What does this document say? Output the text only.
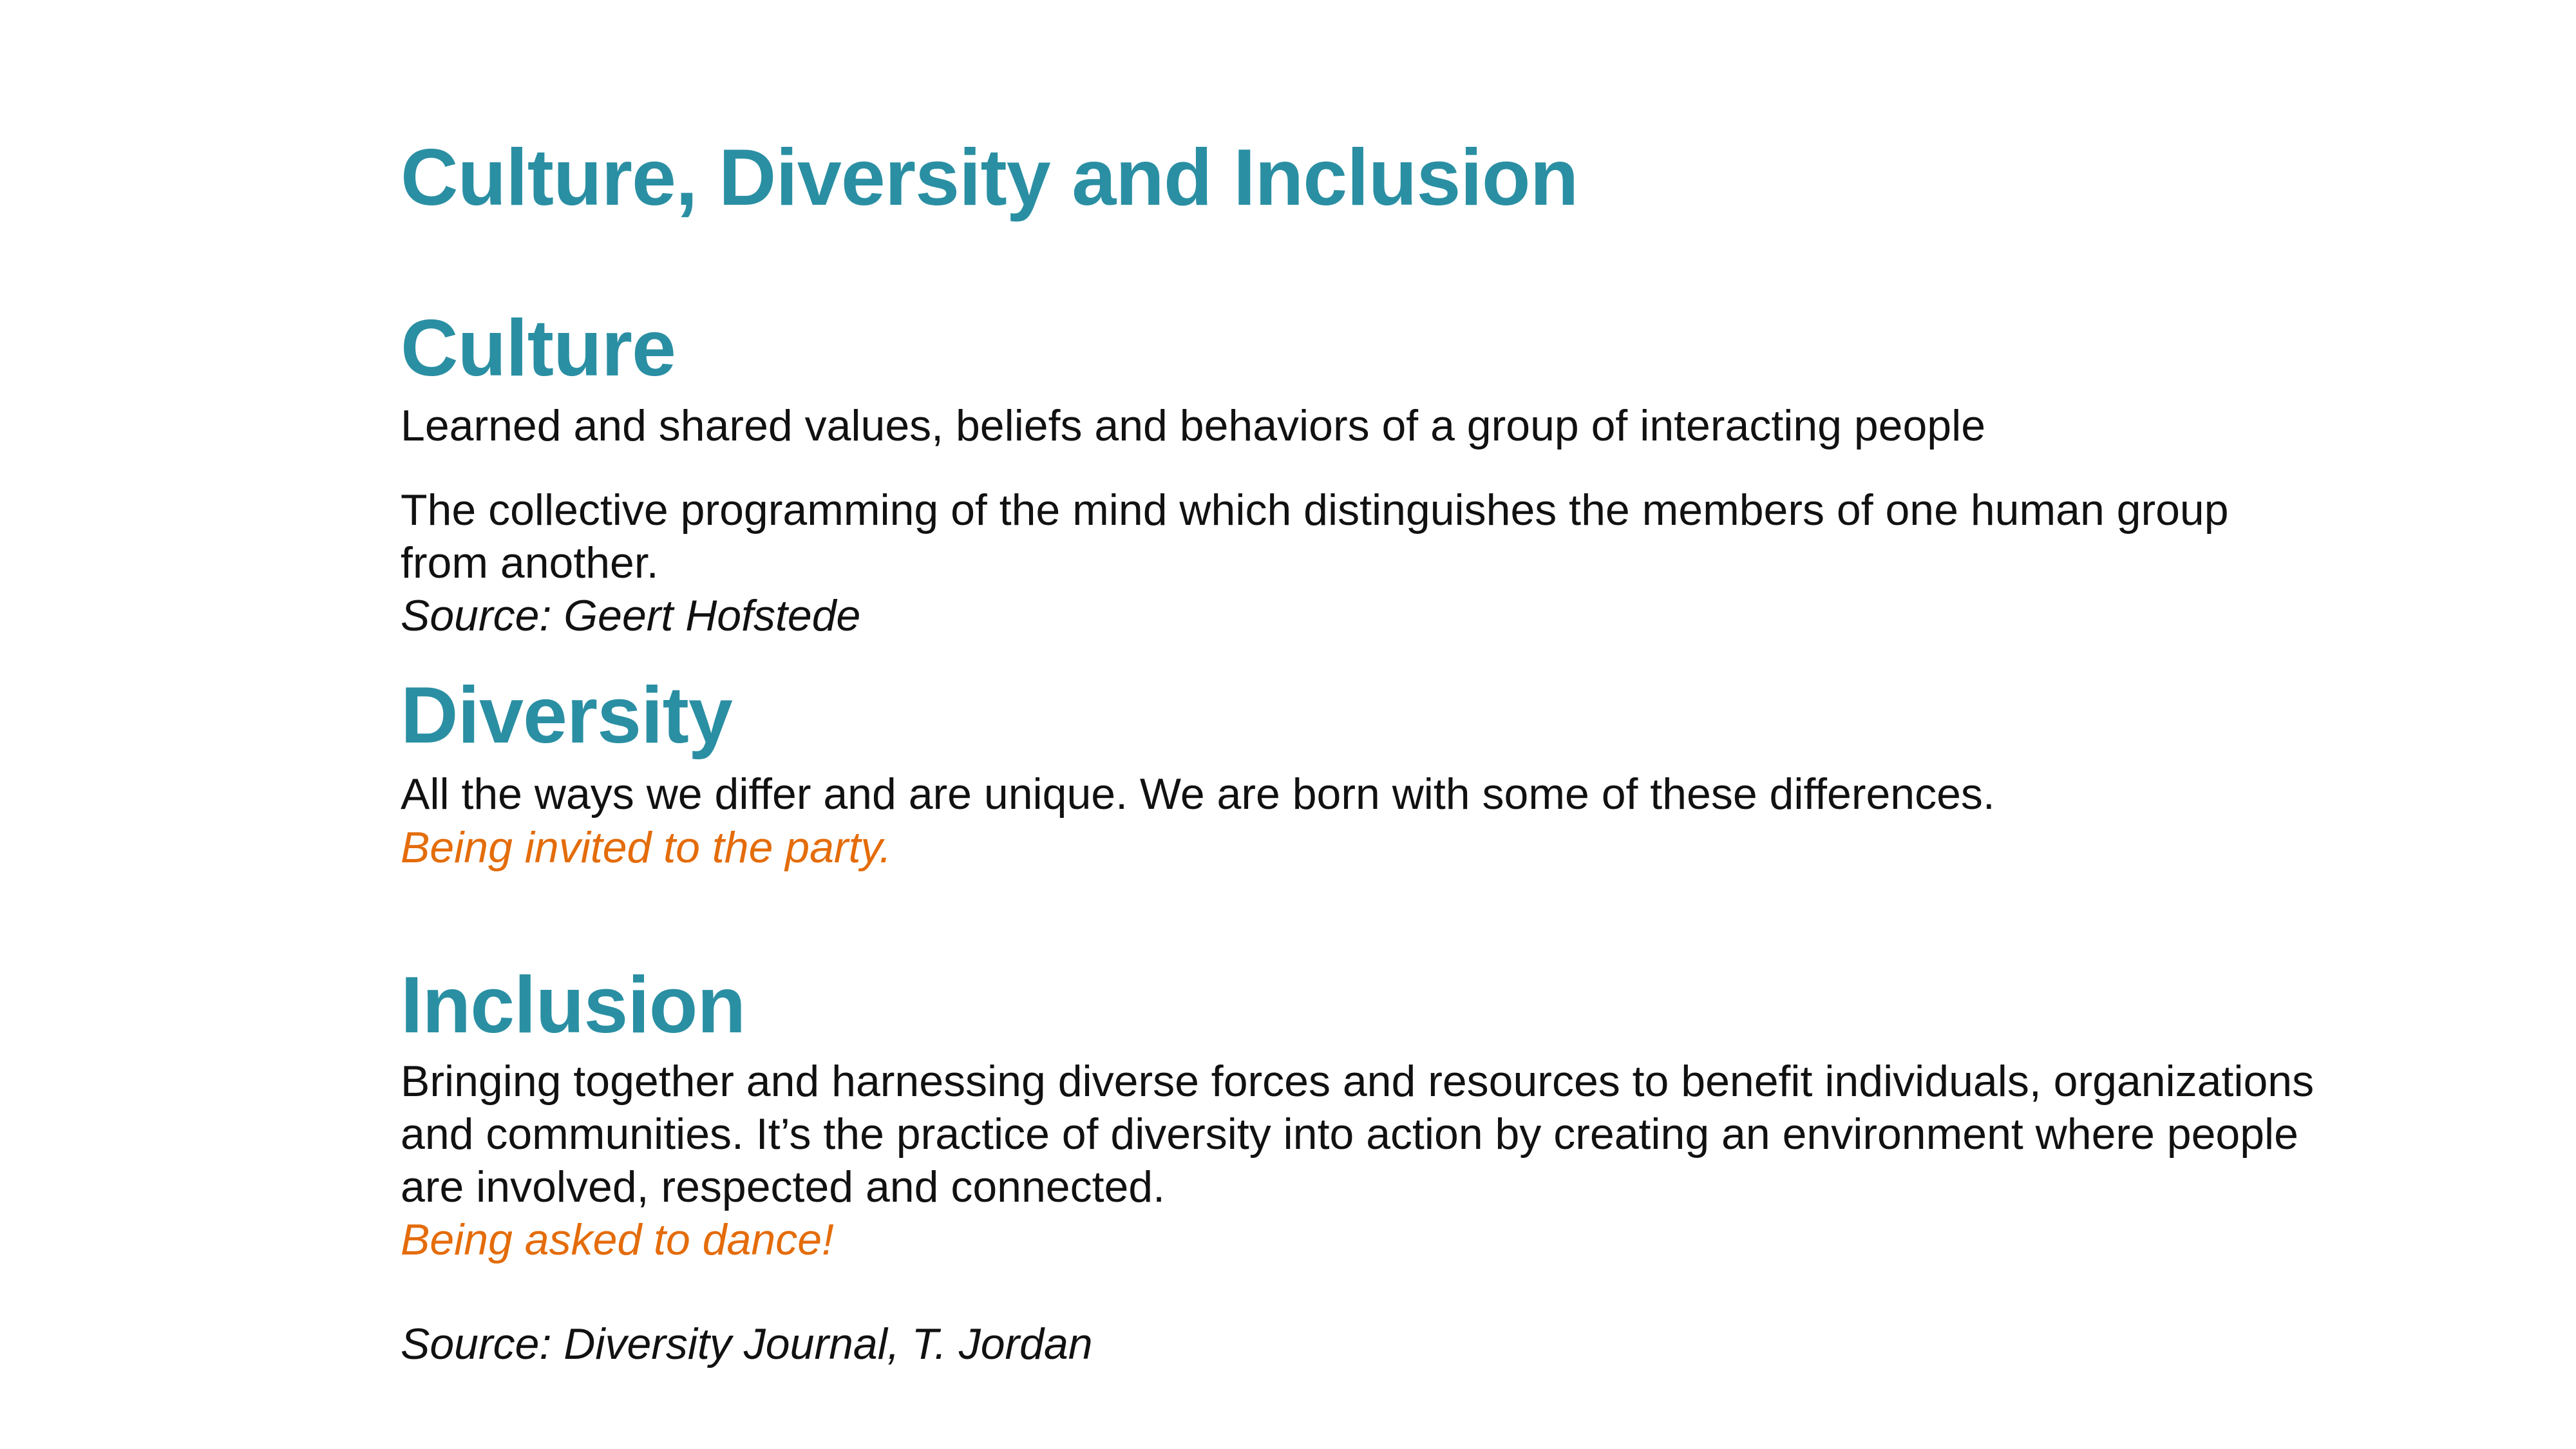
Culture, Diversity and Inclusion
Culture

Learned and shared values, beliefs and behaviors of a group of interacting people

The collective programming of the mind which distinguishes the members of one human group
from another.

Source: Geert Hofstede

Diversity

All the ways we differ and are unique. We are born with some of these differences.

Being invited to the party.

Inclusion
Bringing together and harnessing diverse forces and resources to benefit individuals, organizations
and communities. It’s the practice of diversity into action by creating an environment where people
are involved, respected and connected.

Being asked to dance!

Source: Diversity Journal, T. Jordan
